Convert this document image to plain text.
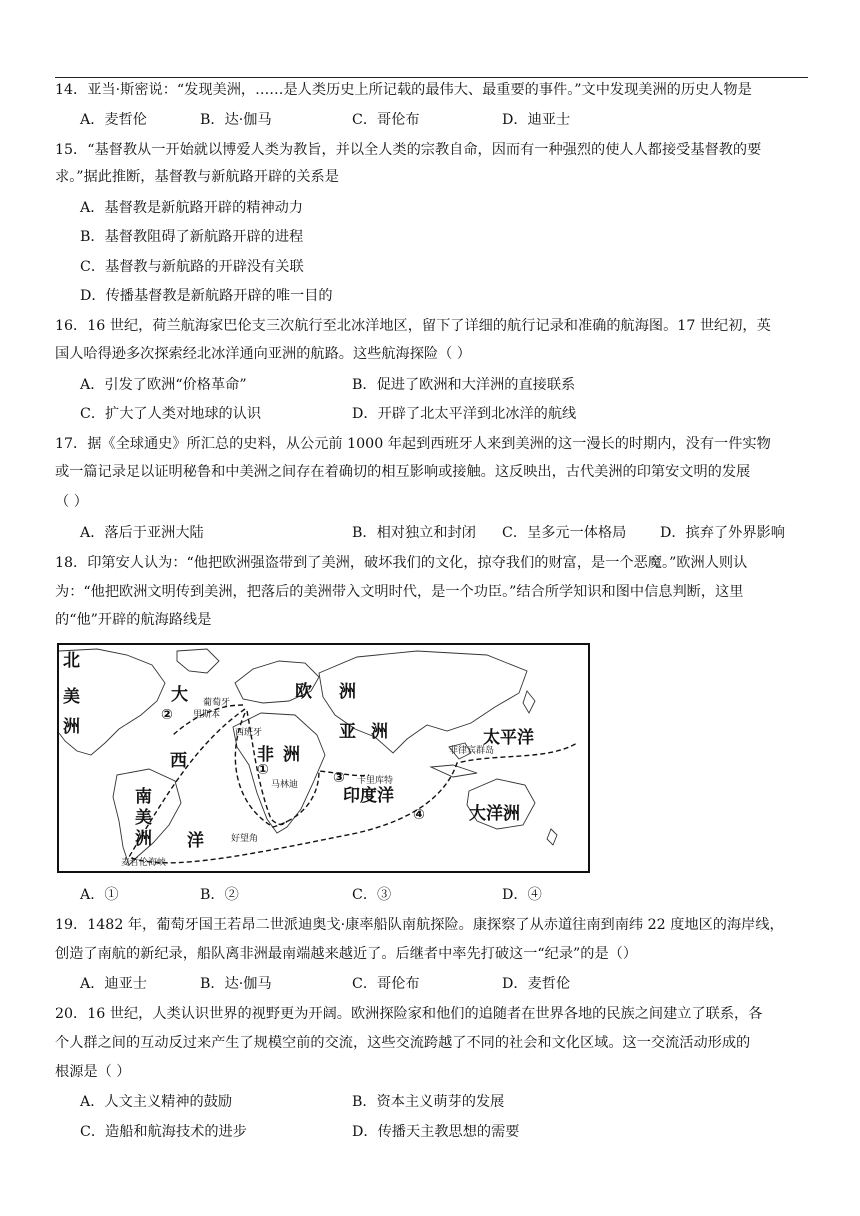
14．亚当·斯密说：“发现美洲，……是人类历史上所记载的最伟大、最重要的事件。”文中发现美洲的历史人物是
A．麦哲伦	B．达·伽马	C．哥伦布	D．迪亚士
15．“基督教从一开始就以博爱人类为教旨，并以全人类的宗教自命，因而有一种强烈的使人人都接受基督教的要
求。”据此推断，基督教与新航路开辟的关系是
A．基督教是新航路开辟的精神动力
B．基督教阻碍了新航路开辟的进程
C．基督教与新航路的开辟没有关联
D．传播基督教是新航路开辟的唯一目的
16．16 世纪，荷兰航海家巴伦支三次航行至北冰洋地区，留下了详细的航行记录和准确的航海图。17 世纪初，英
国人哈得逊多次探索经北冰洋通向亚洲的航路。这些航海探险（ ）
A．引发了欧洲“价格革命”	B．促进了欧洲和大洋洲的直接联系
C．扩大了人类对地球的认识	D．开辟了北太平洋到北冰洋的航线
17．据《全球通史》所汇总的史料，从公元前 1000 年起到西班牙人来到美洲的这一漫长的时期内，没有一件实物
或一篇记录足以证明秘鲁和中美洲之间存在着确切的相互影响或接触。这反映出，古代美洲的印第安文明的发展
（ ）
A．落后于亚洲大陆	B．相对独立和封闭 C．呈多元一体格局 D．摈弃了外界影响
18．印第安人认为：“他把欧洲强盗带到了美洲，破坏我们的文化，掠夺我们的财富，是一个恶魔。”欧洲人则认
为：“他把欧洲文明传到美洲，把落后的美洲带入文明时代，是一个功臣。”结合所学知识和图中信息判断，这里
的“他”开辟的航海路线是
北
美
洲
大
西
洋
欧 洲
亚 洲
非 洲
南
美
洲
印度洋
太平洋
大洋洲
葡萄牙
里斯本
西班牙
马林迪	卡里库特
菲律宾群岛
好望角
麦哲伦海峡
①
②
③
④
A．①	B．②	C．③	D．④
19．1482 年，葡萄牙国王若昂二世派迪奥戈·康率船队南航探险。康探察了从赤道往南到南纬 22 度地区的海岸线，
创造了南航的新纪录，船队离非洲最南端越来越近了。后继者中率先打破这一“纪录”的是（）
A．迪亚士	B．达·伽马	C．哥伦布	D．麦哲伦
20．16 世纪，人类认识世界的视野更为开阔。欧洲探险家和他们的追随者在世界各地的民族之间建立了联系，各
个人群之间的互动反过来产生了规模空前的交流，这些交流跨越了不同的社会和文化区域。这一交流活动形成的
根源是（ ）
A．人文主义精神的鼓励	B．资本主义萌芽的发展
C．造船和航海技术的进步	D．传播天主教思想的需要
